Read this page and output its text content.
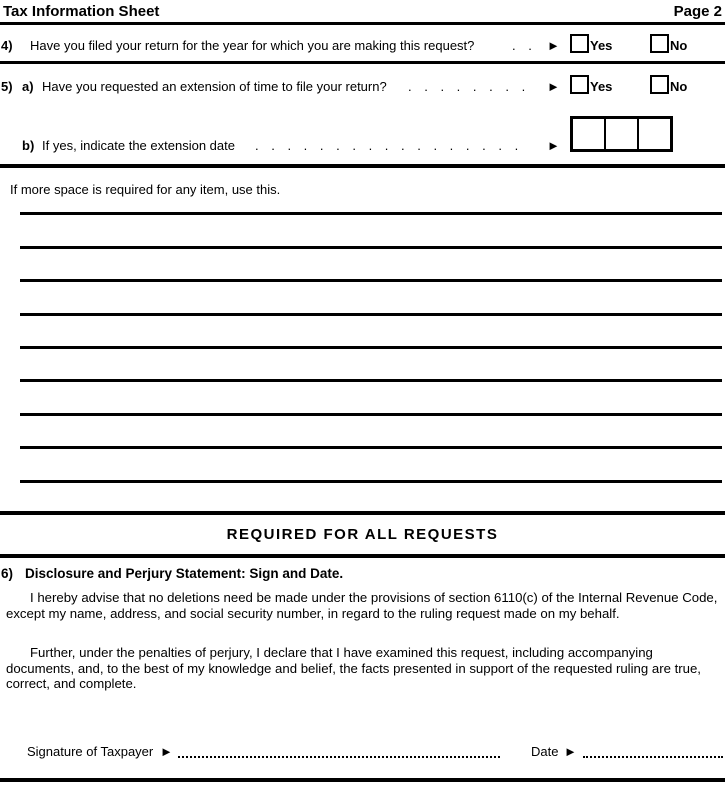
Tax Information Sheet	Page 2
4) Have you filed your return for the year for which you are making this request?	. . ► Yes	No
5) a) Have you requested an extension of time to file your return? . . . . . . . . ► Yes	No
b) If yes, indicate the extension date . . . . . . . . . . . . . . . . . ►
If more space is required for any item, use this.
REQUIRED FOR ALL REQUESTS
6) Disclosure and Perjury Statement: Sign and Date.
I hereby advise that no deletions need be made under the provisions of section 6110(c) of the Internal Revenue Code, except my name, address, and social security number, in regard to the ruling request made on my behalf.
Further, under the penalties of perjury, I declare that I have examined this request, including accompanying documents, and, to the best of my knowledge and belief, the facts presented in support of the requested ruling are true, correct, and complete.
Signature of Taxpayer ►	Date ►
